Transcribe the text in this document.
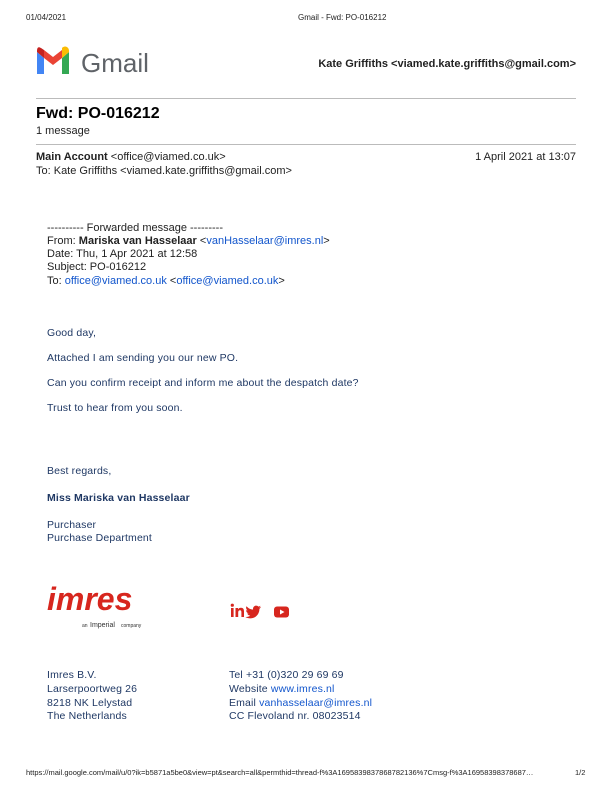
01/04/2021	Gmail - Fwd: PO-016212
Gmail	Kate Griffiths <viamed.kate.griffiths@gmail.com>
Fwd: PO-016212
1 message
Main Account <office@viamed.co.uk>	1 April 2021 at 13:07
To: Kate Griffiths <viamed.kate.griffiths@gmail.com>
---------- Forwarded message ---------
From: Mariska van Hasselaar <vanHasselaar@imres.nl>
Date: Thu, 1 Apr 2021 at 12:58
Subject: PO-016212
To: office@viamed.co.uk <office@viamed.co.uk>
Good day,
Attached I am sending you our new PO.
Can you confirm receipt and inform me about the despatch date?
Trust to hear from you soon.
Best regards,
Miss Mariska van Hasselaar
Purchaser
Purchase Department
imres
an Imperial company
Imres B.V.
Larserpoortweg 26
8218 NK Lelystad
The Netherlands
Tel +31 (0)320 29 69 69
Website www.imres.nl
Email vanhasselaar@imres.nl
CC Flevoland nr. 08023514
https://mail.google.com/mail/u/0?ik=b5871a5be0&view=pt&search=all&permthid=thread-f%3A1695839837868782136%7Cmsg-f%3A16958398378687…	1/2
